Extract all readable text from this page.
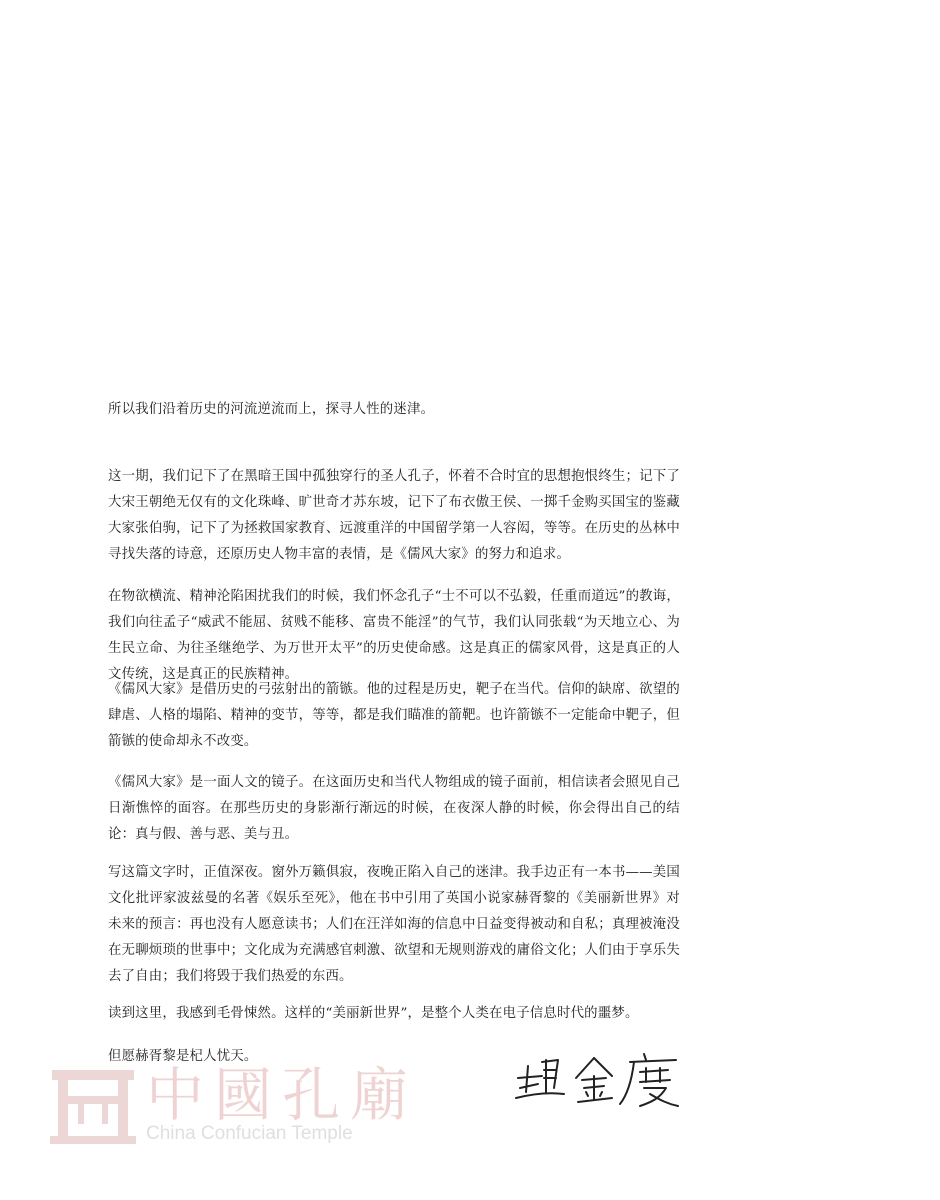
所以我们沿着历史的河流逆流而上，探寻人性的迷津。

这一期，我们记下了在黑暗王国中孤独穿行的圣人孔子，怀着不合时宜的思想抱恨终生；记下了大宋王朝绝无仅有的文化珠峰、旷世奇才苏东坡，记下了布衣傲王侯、一掷千金购买国宝的鉴藏大家张伯驹，记下了为拯救国家教育、远渡重洋的中国留学第一人容闳，等等。在历史的丛林中寻找失落的诗意，还原历史人物丰富的表情，是《儒风大家》的努力和追求。

在物欲横流、精神沦陷困扰我们的时候，我们怀念孔子“士不可以不弘毅，任重而道远”的教诲，我们向往孟子“威武不能屈、贫贱不能移、富贵不能淫”的气节，我们认同张载“为天地立心、为生民立命、为往圣继绝学、为万世开太平”的历史使命感。这是真正的儒家风骨，这是真正的人文传统，这是真正的民族精神。

《儒风大家》是借历史的弓弦射出的箭镞。他的过程是历史，靶子在当代。信仰的缺席、欲望的肆虐、人格的塌陷、精神的变节，等等，都是我们瞄准的箭靶。也许箭镞不一定能命中靶子，但箭镞的使命却永不改变。

《儒风大家》是一面人文的镜子。在这面历史和当代人物组成的镜子面前，相信读者会照见自己日渐憔悴的面容。在那些历史的身影渐行渐远的时候，在夜深人静的时候，你会得出自己的结论：真与假、善与恶、美与丑。

写这篇文字时，正值深夜。窗外万籁俱寂，夜晚正陷入自己的迷津。我手边正有一本书——美国文化批评家波兹曼的名著《娱乐至死》，他在书中引用了英国小说家赫胥黎的《美丽新世界》对未来的预言：再也没有人愿意读书；人们在汪洋如海的信息中日益变得被动和自私；真理被淹没在无聊烦琐的世事中；文化成为充满感官刺激、欲望和无规则游戏的庸俗文化；人们由于享乐失去了自由；我们将毁于我们热爱的东西。

读到这里，我感到毛骨悚然。这样的“美丽新世界”，是整个人类在电子信息时代的噩梦。

但愿赫胥黎是杞人忧天。

中國孔廟
China Confucian Temple
